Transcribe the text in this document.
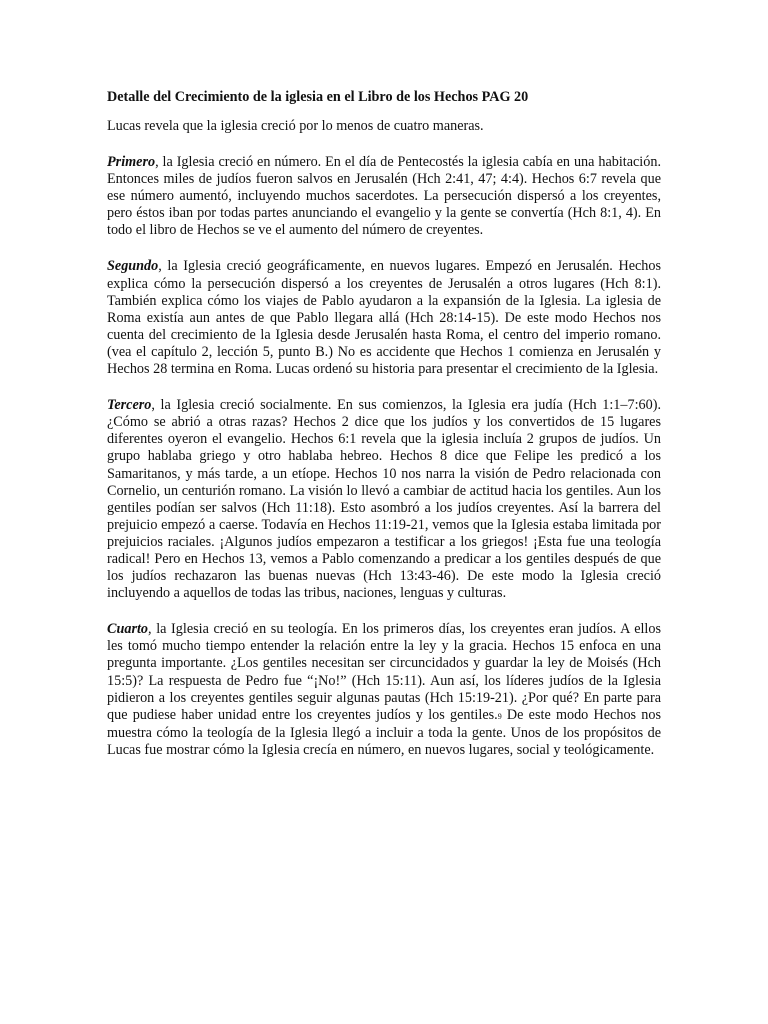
Detalle del Crecimiento de la iglesia en el Libro de los Hechos PAG 20

Lucas revela que la iglesia creció por lo menos de cuatro maneras.

Primero, la Iglesia creció en número. En el día de Pentecostés la iglesia cabía en una habitación. Entonces miles de judíos fueron salvos en Jerusalén (Hch 2:41, 47; 4:4). Hechos 6:7 revela que ese número aumentó, incluyendo muchos sacerdotes. La persecución dispersó a los creyentes, pero éstos iban por todas partes anunciando el evangelio y la gente se convertía (Hch 8:1, 4). En todo el libro de Hechos se ve el aumento del número de creyentes.

Segundo, la Iglesia creció geográficamente, en nuevos lugares. Empezó en Jerusalén. Hechos explica cómo la persecución dispersó a los creyentes de Jerusalén a otros lugares (Hch 8:1). También explica cómo los viajes de Pablo ayudaron a la expansión de la Iglesia. La iglesia de Roma existía aun antes de que Pablo llegara allá (Hch 28:14-15). De este modo Hechos nos cuenta del crecimiento de la Iglesia desde Jerusalén hasta Roma, el centro del imperio romano. (vea el capítulo 2, lección 5, punto B.) No es accidente que Hechos 1 comienza en Jerusalén y Hechos 28 termina en Roma. Lucas ordenó su historia para presentar el crecimiento de la Iglesia.

Tercero, la Iglesia creció socialmente. En sus comienzos, la Iglesia era judía (Hch 1:1–7:60). ¿Cómo se abrió a otras razas? Hechos 2 dice que los judíos y los convertidos de 15 lugares diferentes oyeron el evangelio. Hechos 6:1 revela que la iglesia incluía 2 grupos de judíos. Un grupo hablaba griego y otro hablaba hebreo. Hechos 8 dice que Felipe les predicó a los Samaritanos, y más tarde, a un etíope. Hechos 10 nos narra la visión de Pedro relacionada con Cornelio, un centurión romano. La visión lo llevó a cambiar de actitud hacia los gentiles. Aun los gentiles podían ser salvos (Hch 11:18). Esto asombró a los judíos creyentes. Así la barrera del prejuicio empezó a caerse. Todavía en Hechos 11:19-21, vemos que la Iglesia estaba limitada por prejuicios raciales. ¡Algunos judíos empezaron a testificar a los griegos! ¡Esta fue una teología radical! Pero en Hechos 13, vemos a Pablo comenzando a predicar a los gentiles después de que los judíos rechazaron las buenas nuevas (Hch 13:43-46). De este modo la Iglesia creció incluyendo a aquellos de todas las tribus, naciones, lenguas y culturas.

Cuarto, la Iglesia creció en su teología. En los primeros días, los creyentes eran judíos. A ellos les tomó mucho tiempo entender la relación entre la ley y la gracia. Hechos 15 enfoca en una pregunta importante. ¿Los gentiles necesitan ser circuncidados y guardar la ley de Moisés (Hch 15:5)? La respuesta de Pedro fue “¡No!” (Hch 15:11). Aun así, los líderes judíos de la Iglesia pidieron a los creyentes gentiles seguir algunas pautas (Hch 15:19-21). ¿Por qué? En parte para que pudiese haber unidad entre los creyentes judíos y los gentiles.9 De este modo Hechos nos muestra cómo la teología de la Iglesia llegó a incluir a toda la gente. Unos de los propósitos de Lucas fue mostrar cómo la Iglesia crecía en número, en nuevos lugares, social y teológicamente.
